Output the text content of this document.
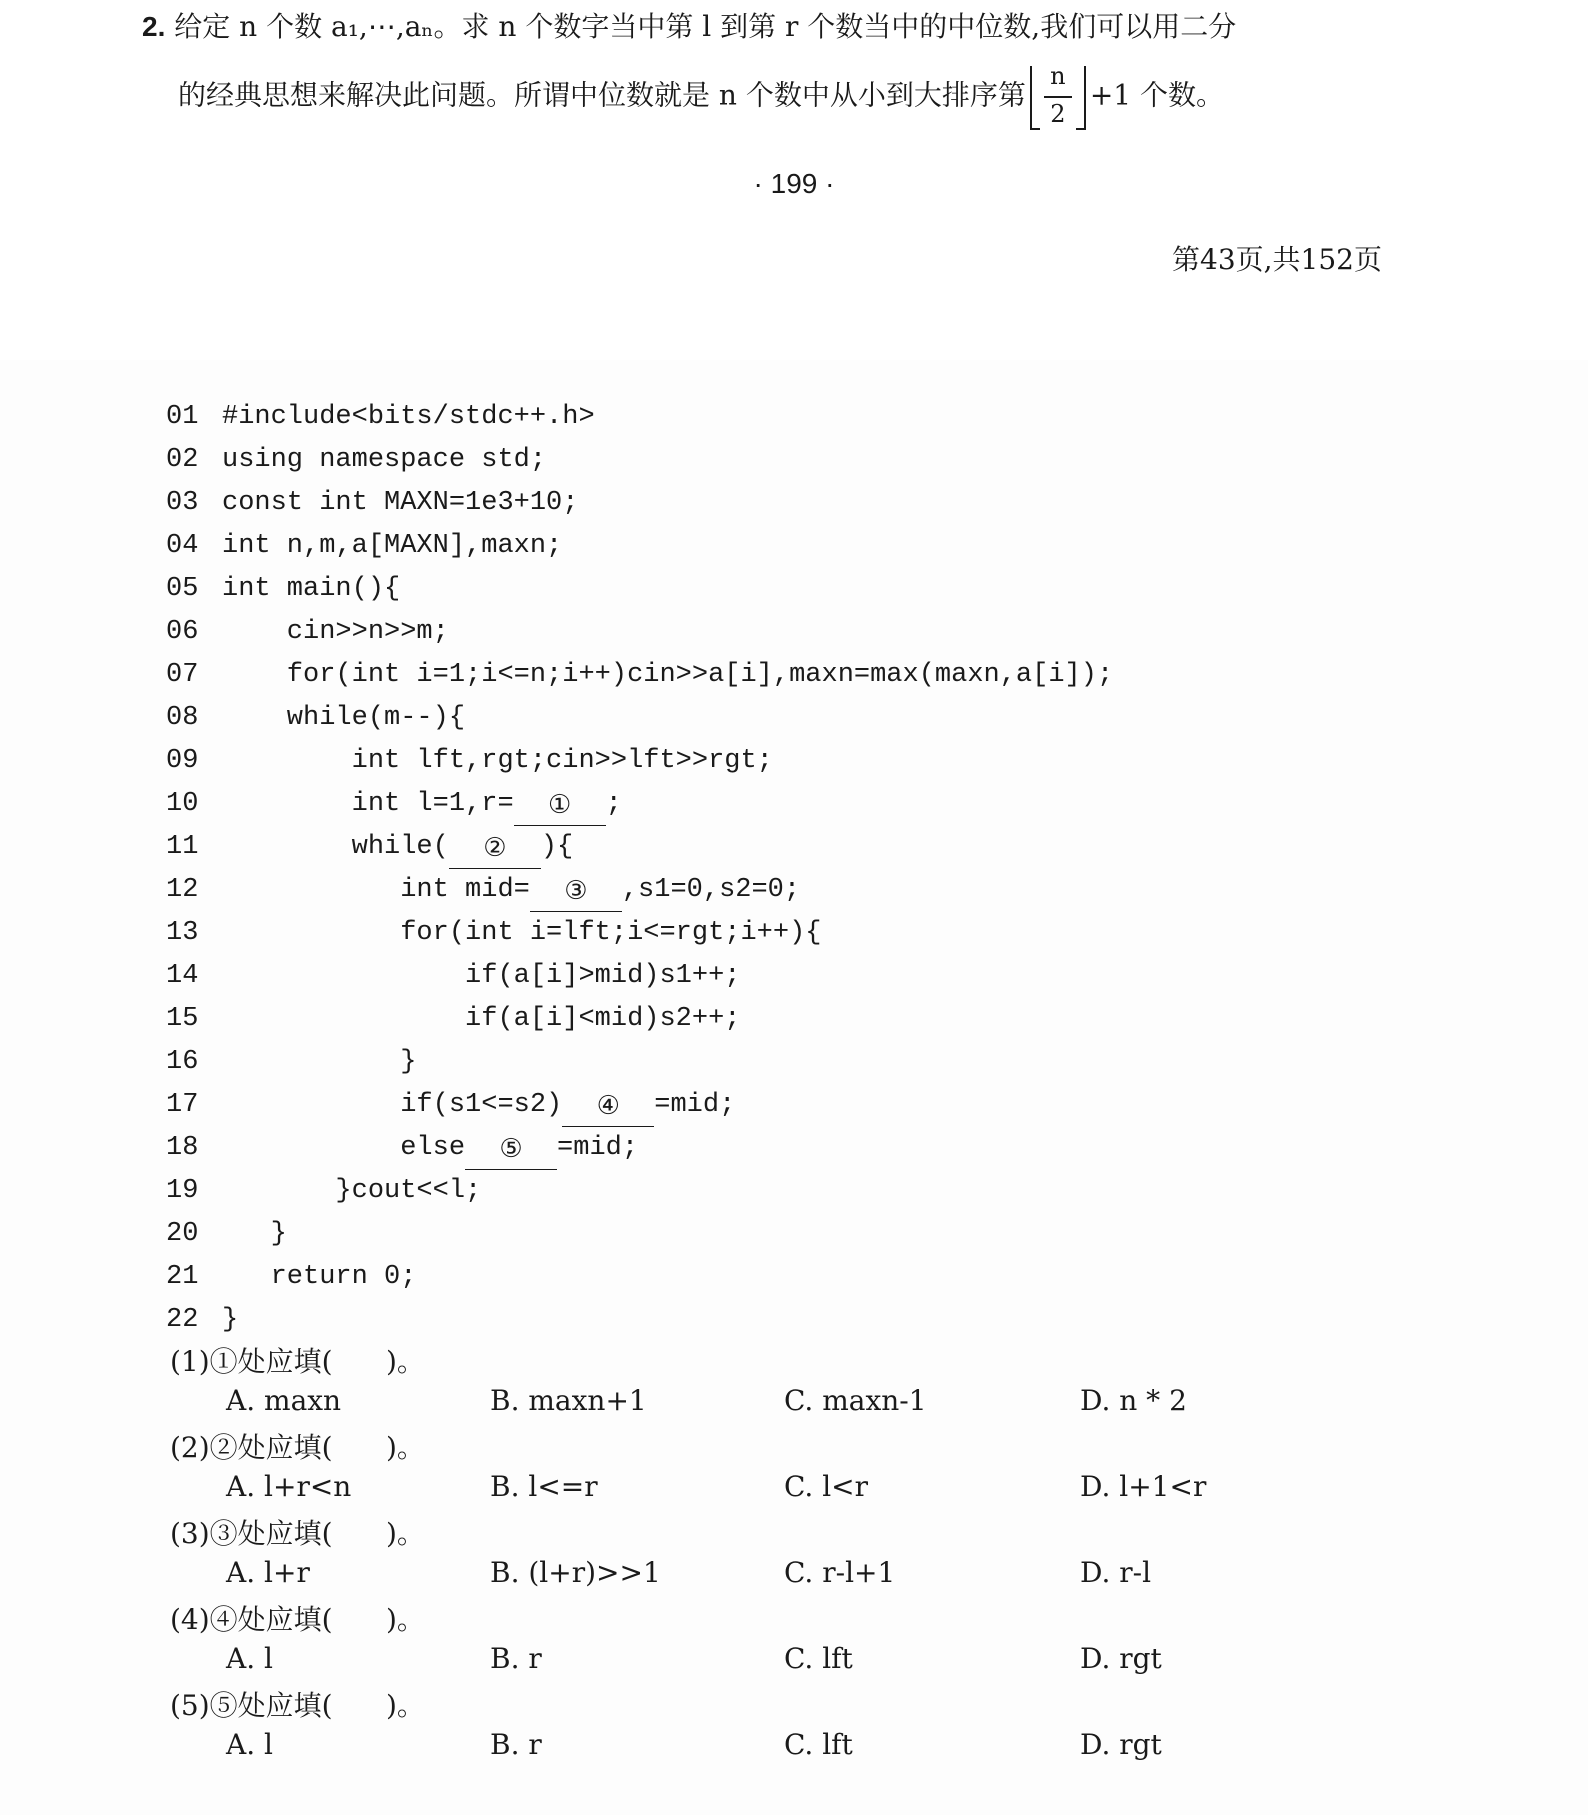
2. 给定 n 个数 a₁,⋯,aₙ。求 n 个数字当中第 l 到第 r 个数当中的中位数,我们可以用二分
的经典思想来解决此问题。所谓中位数就是 n 个数中从小到大排序第 $\frac{n}{2} +1$ 个数。
· 199 ·
第43页,共152页
01 #include<bits/stdc++.h>
02 using namespace std;
03 const int MAXN=1e3+10;
04 int n,m,a[MAXN],maxn;
05 int main(){
06    cin>>n>>m;
07    for(int i=1;i<=n;i++)cin>>a[i],maxn=max(maxn,a[i]);
08    while(m--){
09        int lft,rgt;cin>>lft>>rgt;
10        int l=1,r= ① ;
11        while( ② ){
12           int mid= ③ ,s1=0,s2=0;
13           for(int i=lft;i<=rgt;i++){
14               if(a[i]>mid)s1++;
15               if(a[i]<mid)s2++;
16           }
17           if(s1<=s2) ④ =mid;
18           else ⑤ =mid;
19       }cout<<l;
20   }
21   return 0;
22 }
(1)①处应填(      )。
A. maxn	B. maxn+1	C. maxn-1	D. n * 2
(2)②处应填(      )。
A. l+r<n	B. l<=r	C. l<r	D. l+1<r
(3)③处应填(      )。
A. l+r	B. (l+r)>>1	C. r-l+1	D. r-l
(4)④处应填(      )。
A. l	B. r	C. lft	D. rgt
(5)⑤处应填(      )。
A. l	B. r	C. lft	D. rgt
